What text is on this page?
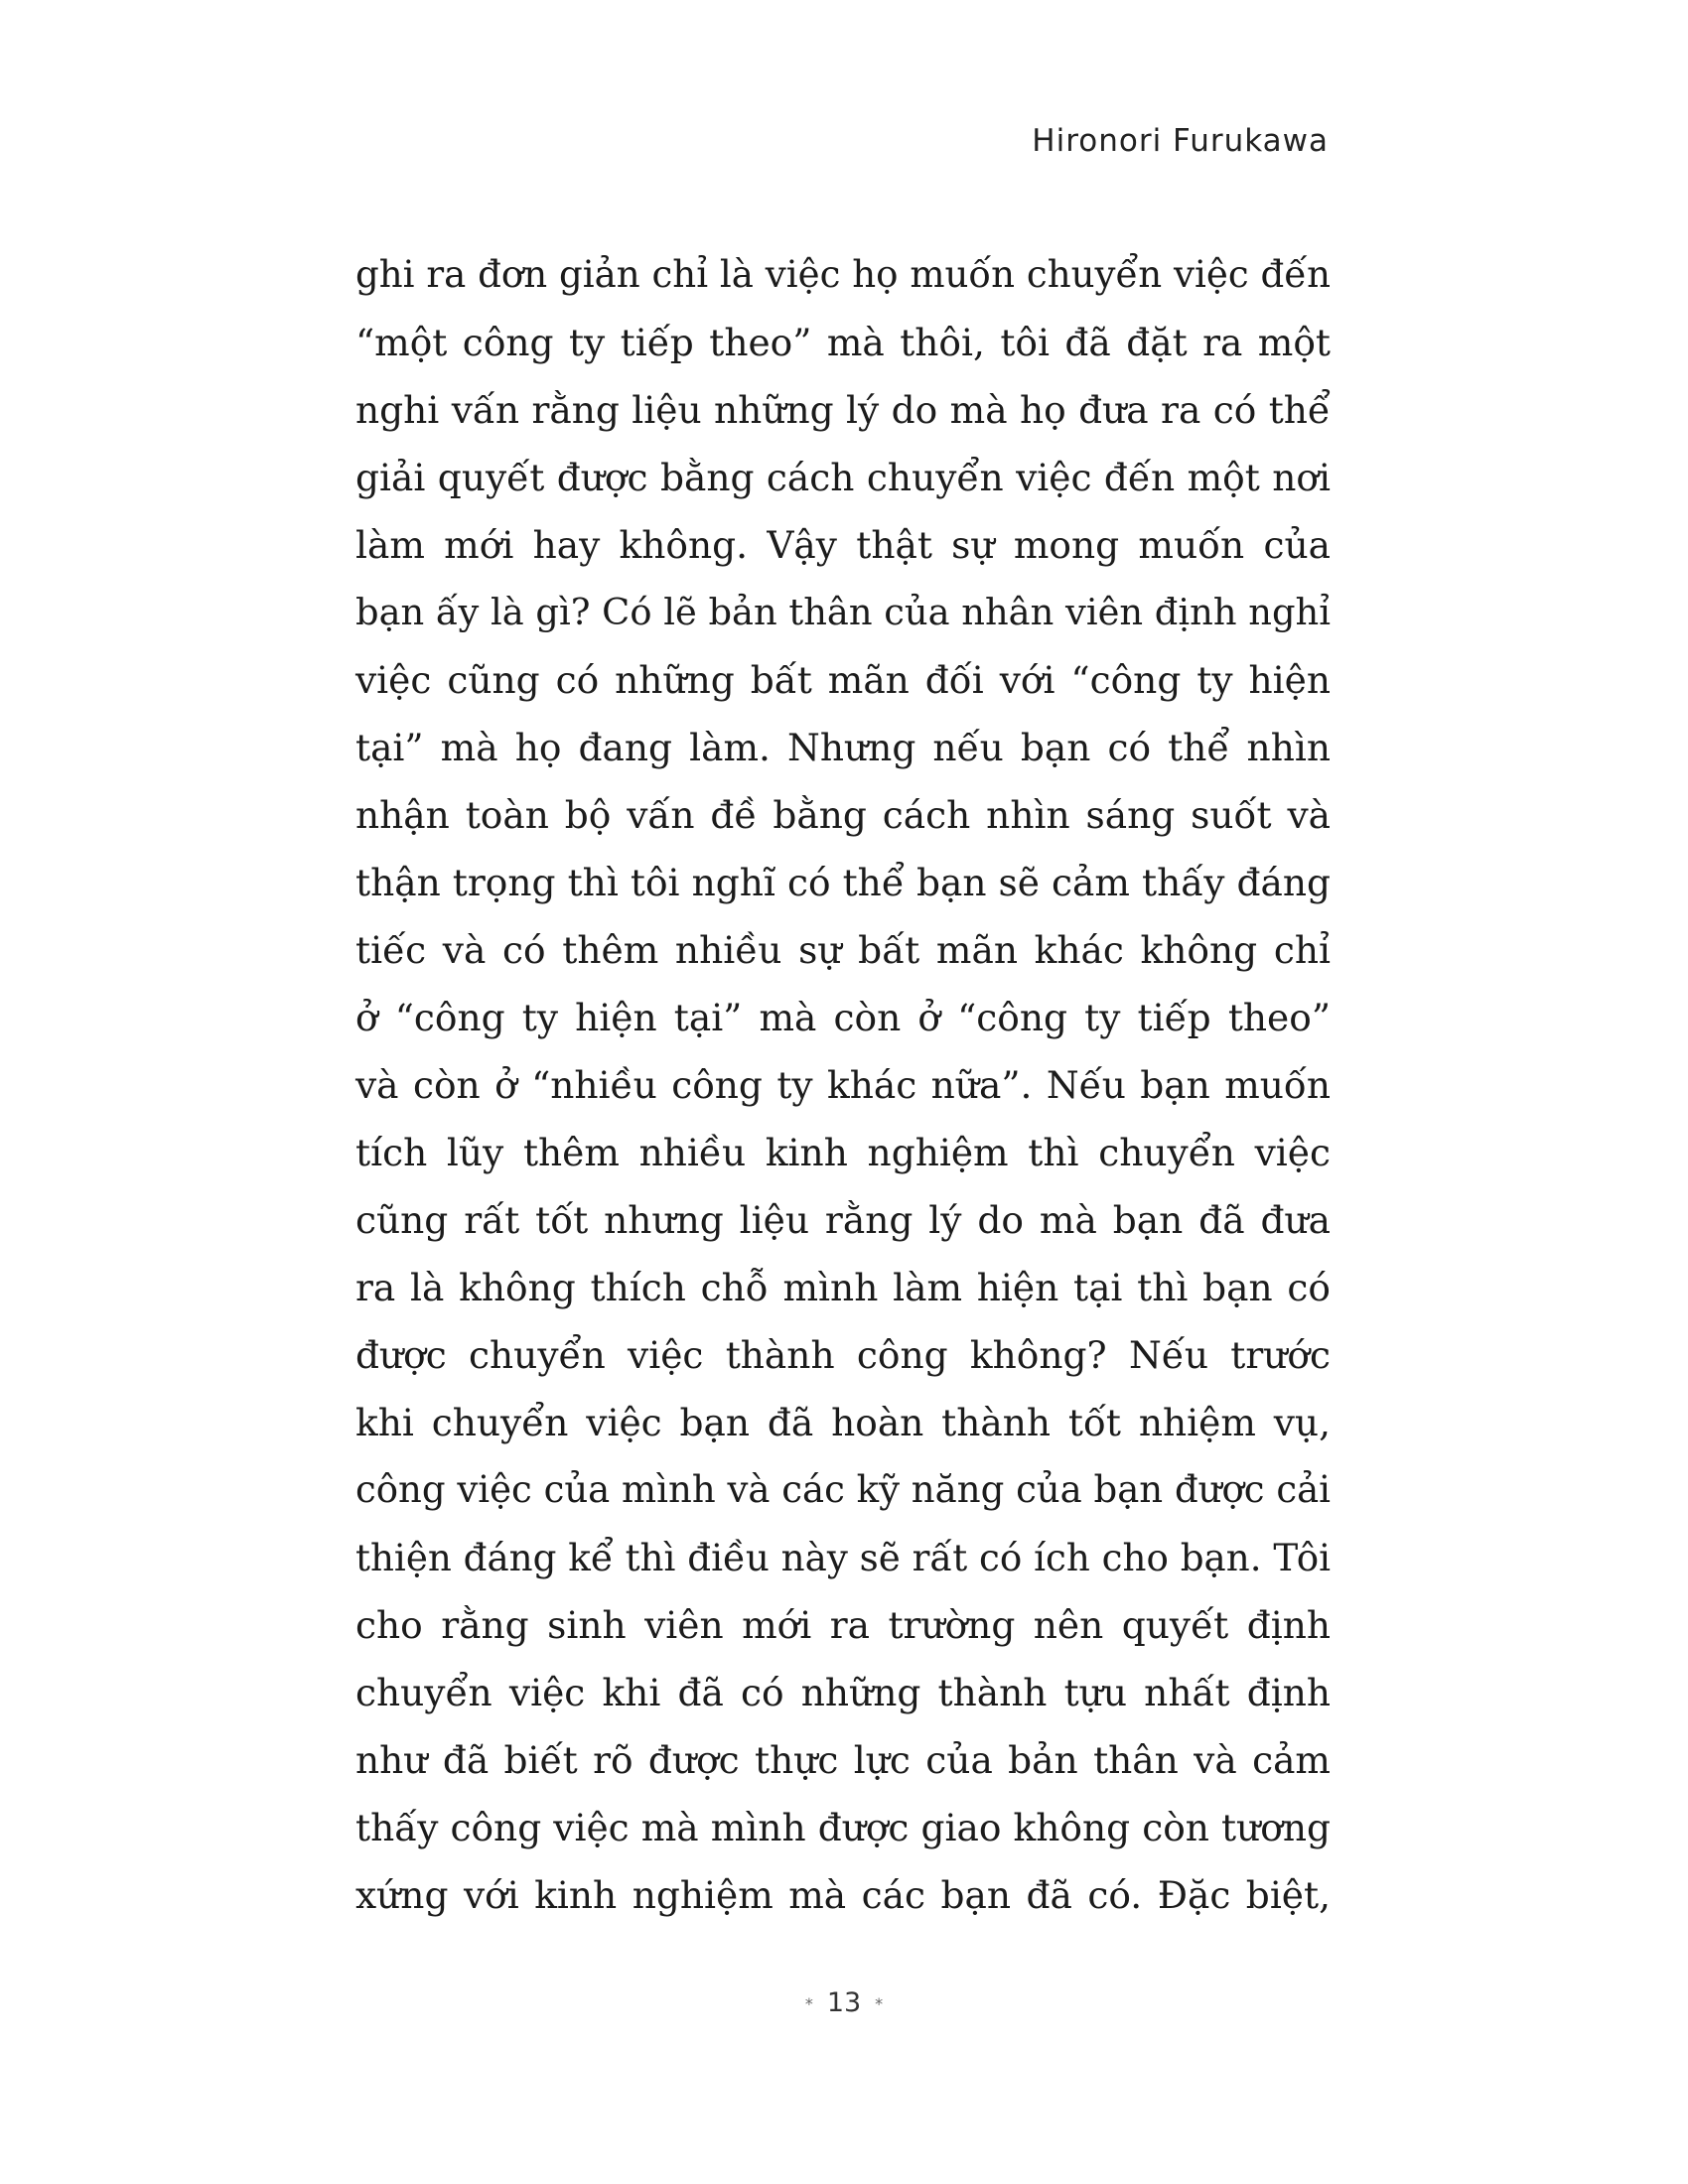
Hironori Furukawa
ghi ra đơn giản chỉ là việc họ muốn chuyển việc đến
“một công ty tiếp theo” mà thôi, tôi đã đặt ra một
nghi vấn rằng liệu những lý do mà họ đưa ra có thể
giải quyết được bằng cách chuyển việc đến một nơi
làm mới hay không. Vậy thật sự mong muốn của
bạn ấy là gì? Có lẽ bản thân của nhân viên định nghỉ
việc cũng có những bất mãn đối với “công ty hiện
tại” mà họ đang làm. Nhưng nếu bạn có thể nhìn
nhận toàn bộ vấn đề bằng cách nhìn sáng suốt và
thận trọng thì tôi nghĩ có thể bạn sẽ cảm thấy đáng
tiếc và có thêm nhiều sự bất mãn khác không chỉ
ở “công ty hiện tại” mà còn ở “công ty tiếp theo”
và còn ở “nhiều công ty khác nữa”. Nếu bạn muốn
tích lũy thêm nhiều kinh nghiệm thì chuyển việc
cũng rất tốt nhưng liệu rằng lý do mà bạn đã đưa
ra là không thích chỗ mình làm hiện tại thì bạn có
được chuyển việc thành công không? Nếu trước
khi chuyển việc bạn đã hoàn thành tốt nhiệm vụ,
công việc của mình và các kỹ năng của bạn được cải
thiện đáng kể thì điều này sẽ rất có ích cho bạn. Tôi
cho rằng sinh viên mới ra trường nên quyết định
chuyển việc khi đã có những thành tựu nhất định
như đã biết rõ được thực lực của bản thân và cảm
thấy công việc mà mình được giao không còn tương
xứng với kinh nghiệm mà các bạn đã có. Đặc biệt,
* 13 *
